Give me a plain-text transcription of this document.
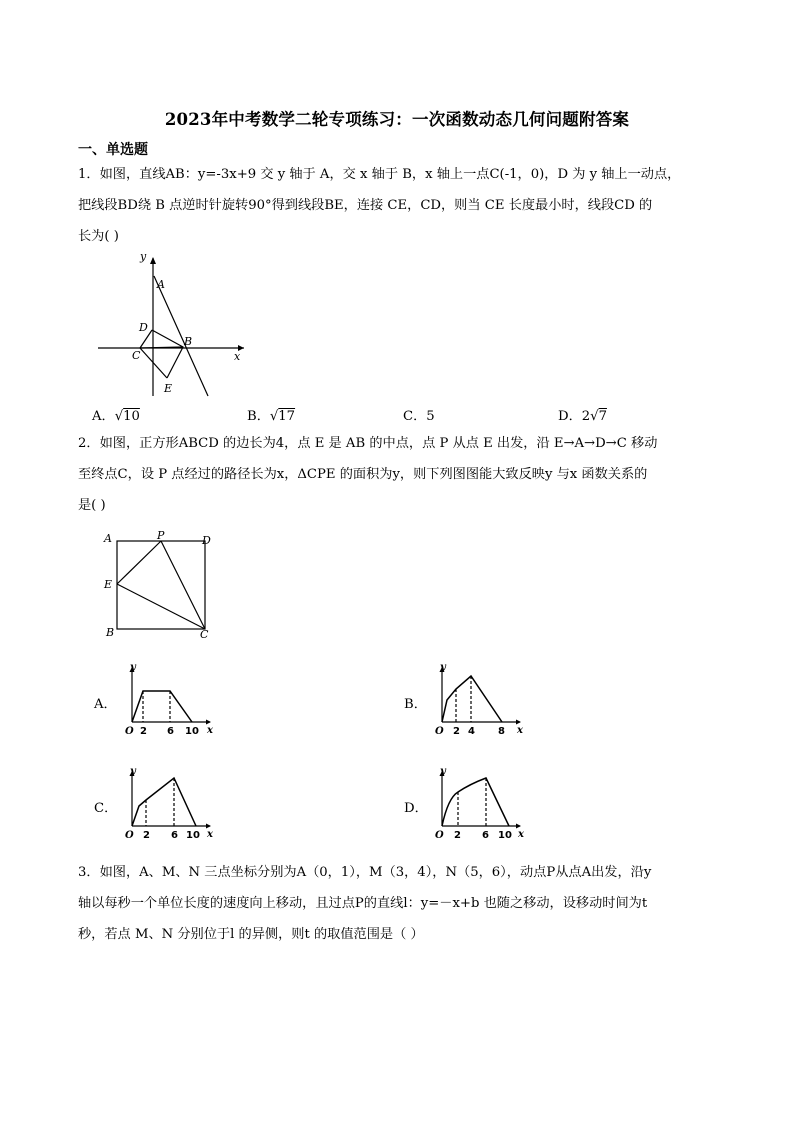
2023年中考数学二轮专项练习：一次函数动态几何问题附答案
一、单选题
1．如图，直线AB：y=-3x+9 交 y 轴于 A，交 x 轴于 B，x 轴上一点C(-1，0)，D 为 y 轴上一动点，
把线段BD绕 B 点逆时针旋转90°得到线段BE，连接 CE，CD，则当 CE 长度最小时，线段CD 的
长为( )
y
x
A
B
C
D
E
A．√10	B．√17	C．5	D．2√7
2．如图，正方形ABCD 的边长为4，点 E 是 AB 的中点，点 P 从点 E 出发，沿 E→A→D→C 移动
至终点C，设 P 点经过的路径长为x，ΔCPE 的面积为y，则下列图图能大致反映y 与x 函数关系的
是( )
A	P	D
E
B	C
A．
y
x
O 2 6 10
B．
y
x
O 2 4 8
C．
y
x
O 2 6 10
D．
y
x
O 2 6 10
3．如图，A、M、N 三点坐标分别为A（0，1），M（3，4），N（5，6），动点P从点A出发，沿y
轴以每秒一个单位长度的速度向上移动，且过点P的直线l：y=－x+b 也随之移动，设移动时间为t
秒，若点 M、N 分别位于l 的异侧，则t 的取值范围是（ ）
